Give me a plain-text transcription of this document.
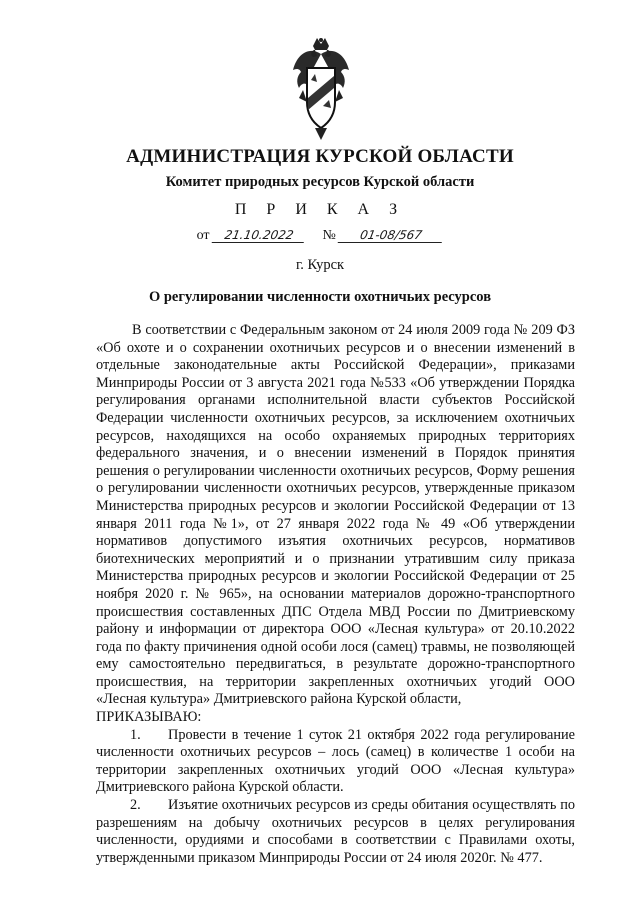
АДМИНИСТРАЦИЯ КУРСКОЙ ОБЛАСТИ
Комитет природных ресурсов Курской области
П Р И К А З
от 21.10.2022 № 01-08/567
г. Курск
О регулировании численности охотничьих ресурсов

В соответствии с Федеральным законом от 24 июля 2009 года № 209 ФЗ «Об охоте и о сохранении охотничьих ресурсов и о внесении изменений в отдельные законодательные акты Российской Федерации», приказами Минприроды России от 3 августа 2021 года №533 «Об утверждении Порядка регулирования органами исполнительной власти субъектов Российской Федерации численности охотничьих ресурсов, за исключением охотничьих ресурсов, находящихся на особо охраняемых природных территориях федерального значения, и о внесении изменений в Порядок принятия решения о регулировании численности охотничьих ресурсов, Форму решения о регулировании численности охотничьих ресурсов, утвержденные приказом Министерства природных ресурсов и экологии Российской Федерации от 13 января 2011 года №1», от 27 января 2022 года № 49 «Об утверждении нормативов допустимого изъятия охотничьих ресурсов, нормативов биотехнических мероприятий и о признании утратившим силу приказа Министерства природных ресурсов и экологии Российской Федерации от 25 ноября 2020 г. № 965», на основании материалов дорожно-транспортного происшествия составленных ДПС Отдела МВД России по Дмитриевскому району и информации от директора ООО «Лесная культура» от 20.10.2022 года по факту причинения одной особи лося (самец) травмы, не позволяющей ему самостоятельно передвигаться, в результате дорожно-транспортного происшествия, на территории закрепленных охотничьих угодий ООО «Лесная культура» Дмитриевского района Курской области,

ПРИКАЗЫВАЮ:

1. Провести в течение 1 суток 21 октября 2022 года регулирование численности охотничьих ресурсов – лось (самец) в количестве 1 особи на территории закрепленных охотничьих угодий ООО «Лесная культура» Дмитриевского района Курской области.

2. Изъятие охотничьих ресурсов из среды обитания осуществлять по разрешениям на добычу охотничьих ресурсов в целях регулирования численности, орудиями и способами в соответствии с Правилами охоты, утвержденными приказом Минприроды России от 24 июля 2020г. № 477.
